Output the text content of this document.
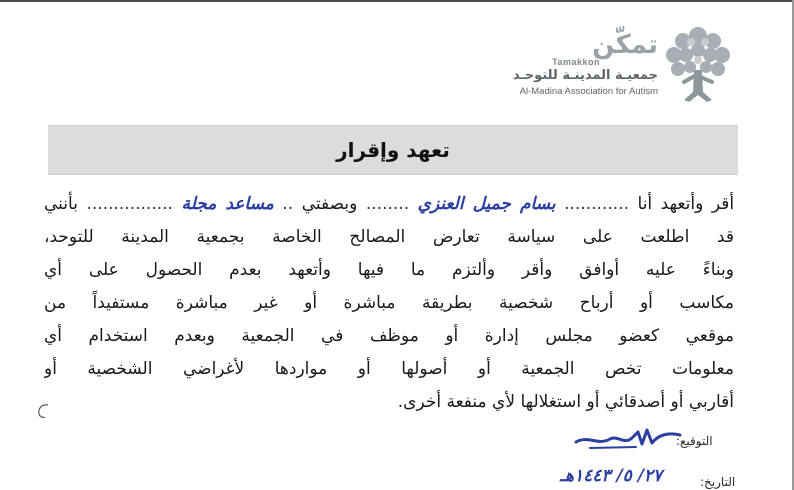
تمكّن
Tamakkon
جمعيـة المدينـة للتوحـد
Al-Madina Association for Autism
تعهد وإقرار
أقر وأتعهد أنا ............ بسام جميل العنزي ........ وبصفتي .. مساعد مجلة ................ بأنني
قد اطلعت على سياسة تعارض المصالح الخاصة بجمعية المدينة للتوحد،
وبناءً عليه أوافق وأقر وألتزم ما فيها وأتعهد بعدم الحصول على أي
مكاسب أو أرباح شخصية بطريقة مباشرة أو غير مباشرة مستفيداً من
موقعي كعضو مجلس إدارة أو موظف في الجمعية وبعدم استخدام أي
معلومات تخص الجمعية أو أصولها أو مواردها لأغراضي الشخصية أو
أقاربي أو أصدقائي أو استغلالها لأي منفعة أخرى.
التوقيع:
التاريخ:
٢٧/ ٥/ ١٤٤٣هـ
